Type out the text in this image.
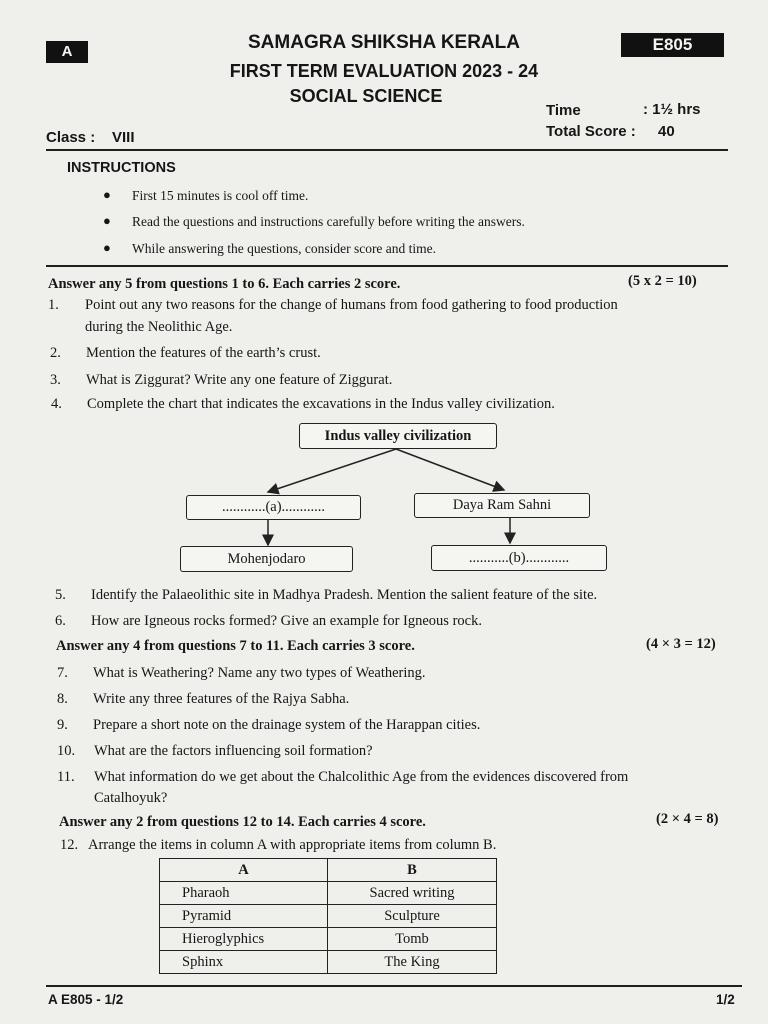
A	E805
SAMAGRA SHIKSHA KERALA
FIRST TERM EVALUATION 2023 - 24
SOCIAL SCIENCE
Time	: 1½ hrs
Total Score : 40
Class : VIII
INSTRUCTIONS
● First 15 minutes is cool off time.
● Read the questions and instructions carefully before writing the answers.
● While answering the questions, consider score and time.
Answer any 5 from questions 1 to 6. Each carries 2 score.	(5 x 2 = 10)
1. Point out any two reasons for the change of humans from food gathering to food production
during the Neolithic Age.
2. Mention the features of the earth’s crust.
3. What is Ziggurat? Write any one feature of Ziggurat.
4. Complete the chart that indicates the excavations in the Indus valley civilization.
Indus valley civilization
............(a)............	Daya Ram Sahni
Mohenjodaro	...........(b)............
5. Identify the Palaeolithic site in Madhya Pradesh. Mention the salient feature of the site.
6. How are Igneous rocks formed? Give an example for Igneous rock.
Answer any 4 from questions 7 to 11. Each carries 3 score.	(4 × 3 = 12)
7. What is Weathering? Name any two types of Weathering.
8. Write any three features of the Rajya Sabha.
9. Prepare a short note on the drainage system of the Harappan cities.
10. What are the factors influencing soil formation?
11. What information do we get about the Chalcolithic Age from the evidences discovered from
Catalhoyuk?
Answer any 2 from questions 12 to 14. Each carries 4 score.	(2 × 4 = 8)
12. Arrange the items in column A with appropriate items from column B.
A	B
Pharaoh	Sacred writing
Pyramid	Sculpture
Hieroglyphics	Tomb
Sphinx	The King
A E805 - 1/2	1/2
